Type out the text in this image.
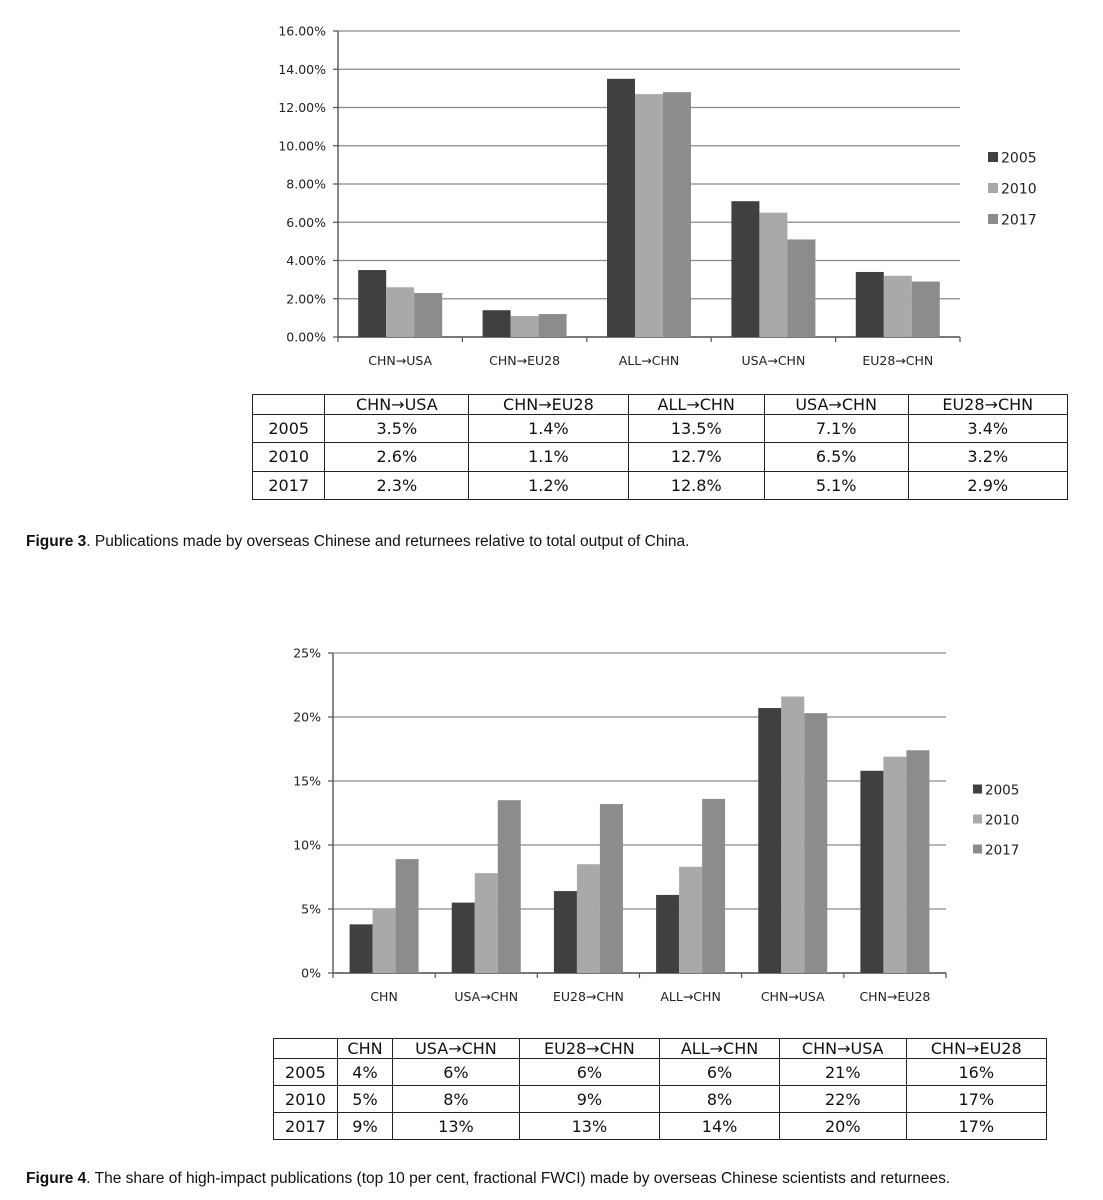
0.00%
2.00%
4.00%
6.00%
8.00%
10.00%
12.00%
14.00%
16.00%
CHN→USA	CHN→EU28	ALL→CHN	USA→CHN	EU28→CHN
2005
2010
2017
	CHN→USA	CHN→EU28	ALL→CHN	USA→CHN	EU28→CHN
2005	3.5%	1.4%	13.5%	7.1%	3.4%
2010	2.6%	1.1%	12.7%	6.5%	3.2%
2017	2.3%	1.2%	12.8%	5.1%	2.9%
Figure 3. Publications made by overseas Chinese and returnees relative to total output of China.
0%
5%
10%
15%
20%
25%
CHN	USA→CHN	EU28→CHN	ALL→CHN	CHN→USA	CHN→EU28
2005
2010
2017
	CHN	USA→CHN	EU28→CHN	ALL→CHN	CHN→USA	CHN→EU28
2005	4%	6%	6%	6%	21%	16%
2010	5%	8%	9%	8%	22%	17%
2017	9%	13%	13%	14%	20%	17%
Figure 4. The share of high-impact publications (top 10 per cent, fractional FWCI) made by overseas Chinese scientists and returnees.
